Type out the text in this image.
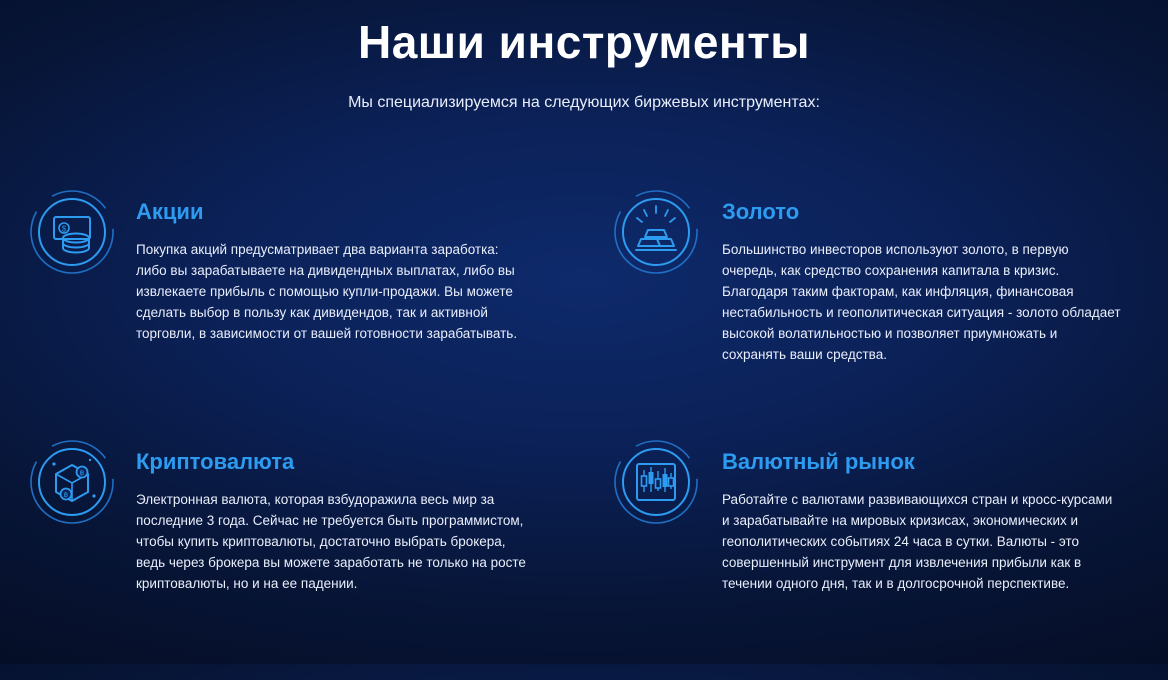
Наши инструменты

Мы специализируемся на следующих биржевых инструментах:

$
Акции

Покупка акций предусматривает два варианта заработка: либо вы зарабатываете на дивидендных выплатах, либо вы извлекаете прибыль с помощью купли-продажи. Вы можете сделать выбор в пользу как дивидендов, так и активной торговли, в зависимости от вашей готовности зарабатывать.

Золото

Большинство инвесторов используют золото, в первую очередь, как средство сохранения капитала в кризис. Благодаря таким факторам, как инфляция, финансовая нестабильность и геополитическая ситуация - золото обладает высокой волатильностью и позволяет приумножать и сохранять ваши средства.

฿
฿
Криптовалюта

Электронная валюта, которая взбудоражила весь мир за последние 3 года. Сейчас не требуется быть программистом, чтобы купить криптовалюты, достаточно выбрать брокера, ведь через брокера вы можете заработать не только на росте криптовалюты, но и на ее падении.

Валютный рынок

Работайте с валютами развивающихся стран и кросс-курсами и зарабатывайте на мировых кризисах, экономических и геополитических событиях 24 часа в сутки. Валюты - это совершенный инструмент для извлечения прибыли как в течении одного дня, так и в долгосрочной перспективе.
